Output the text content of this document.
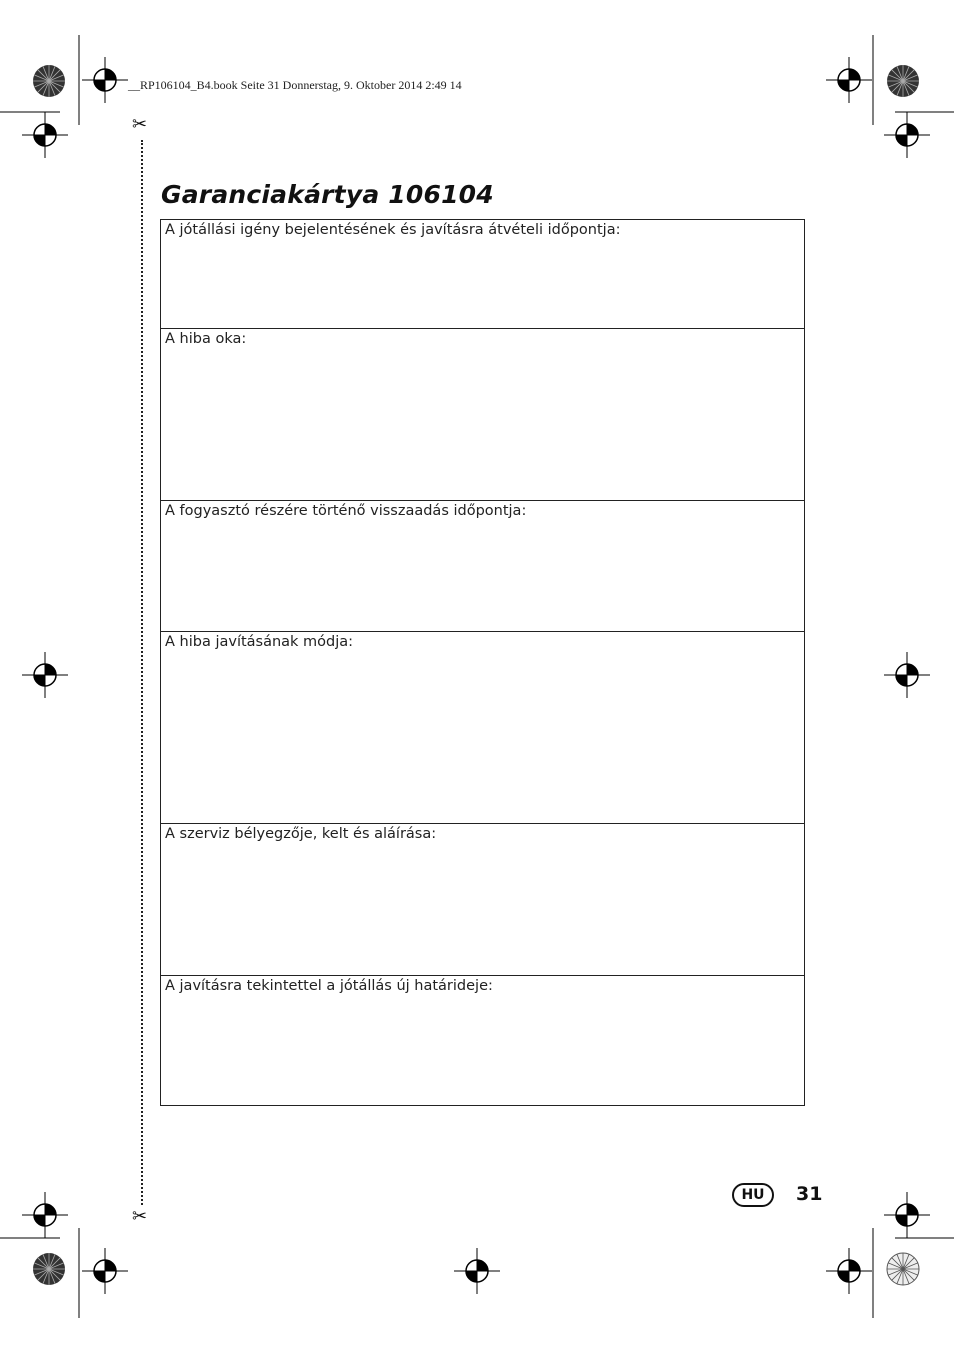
__RP106104_B4.book Seite 31 Donnerstag, 9. Oktober 2014 2:49 14
✂
✂
Garanciakártya 106104
A jótállási igény bejelentésének és javításra átvételi időpontja:
A hiba oka:
A fogyasztó részére történő visszaadás időpontja:
A hiba javításának módja:
A szerviz bélyegzője, kelt és aláírása:
A javításra tekintettel a jótállás új határideje:
HU	31
